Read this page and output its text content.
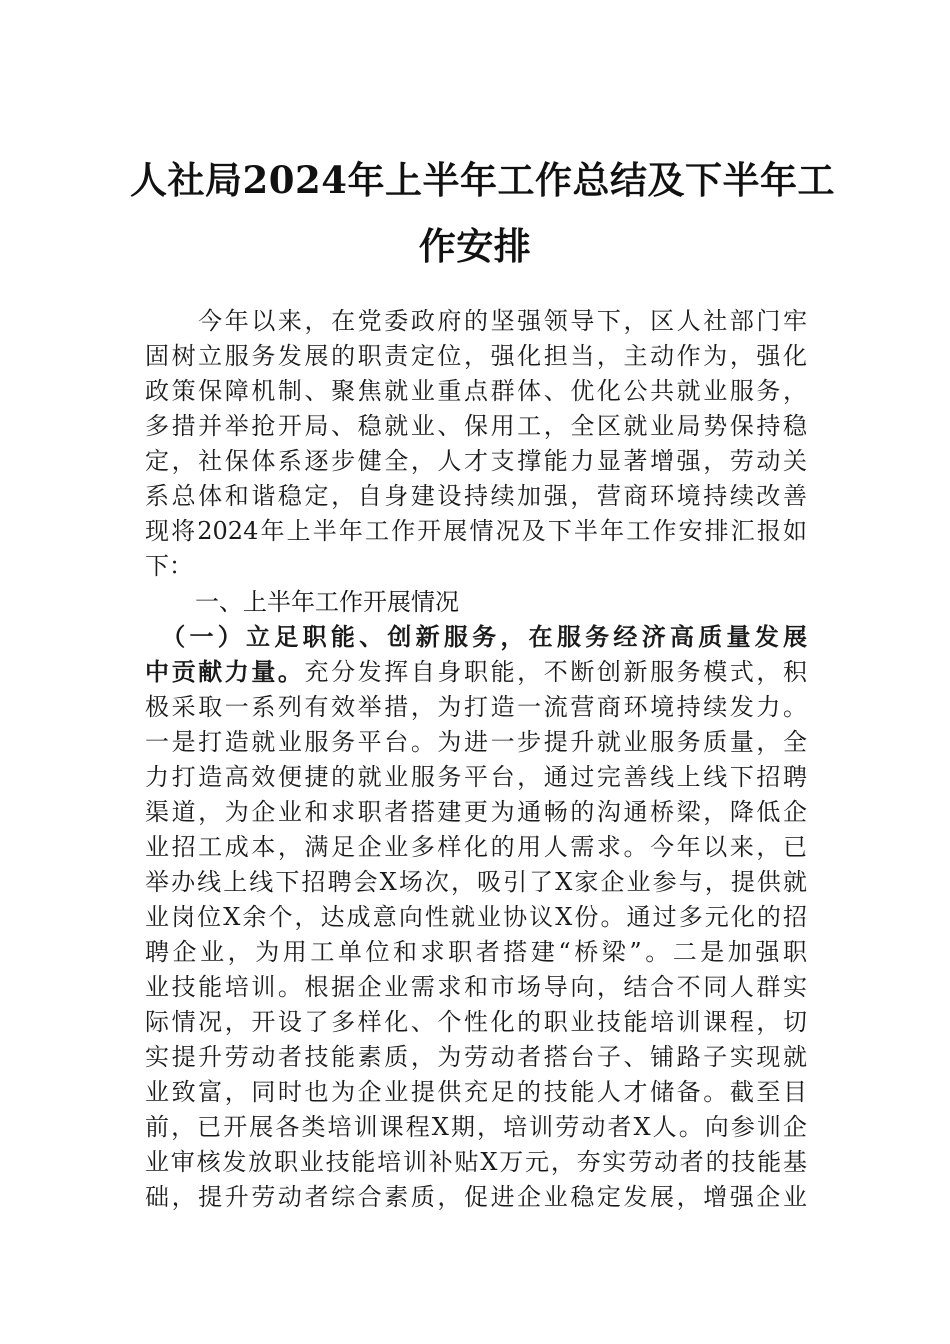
人社局2024年上半年工作总结及下半年工
作安排
　　今年以来，在党委政府的坚强领导下，区人社部门牢
固树立服务发展的职责定位，强化担当，主动作为，强化
政策保障机制、聚焦就业重点群体、优化公共就业服务，
多措并举抢开局、稳就业、保用工，全区就业局势保持稳
定，社保体系逐步健全，人才支撑能力显著增强，劳动关
系总体和谐稳定，自身建设持续加强，营商环境持续改善
现将2024年上半年工作开展情况及下半年工作安排汇报如
下：
一、上半年工作开展情况
　（一）立足职能、创新服务，在服务经济高质量发展
中贡献力量。充分发挥自身职能，不断创新服务模式，积
极采取一系列有效举措，为打造一流营商环境持续发力。
一是打造就业服务平台。为进一步提升就业服务质量，全
力打造高效便捷的就业服务平台，通过完善线上线下招聘
渠道，为企业和求职者搭建更为通畅的沟通桥梁，降低企
业招工成本，满足企业多样化的用人需求。今年以来，已
举办线上线下招聘会X场次，吸引了X家企业参与，提供就
业岗位X余个，达成意向性就业协议X份。通过多元化的招
聘企业，为用工单位和求职者搭建“桥梁”。二是加强职
业技能培训。根据企业需求和市场导向，结合不同人群实
际情况，开设了多样化、个性化的职业技能培训课程，切
实提升劳动者技能素质，为劳动者搭台子、铺路子实现就
业致富，同时也为企业提供充足的技能人才储备。截至目
前，已开展各类培训课程X期，培训劳动者X人。向参训企
业审核发放职业技能培训补贴X万元，夯实劳动者的技能基
础，提升劳动者综合素质，促进企业稳定发展，增强企业
